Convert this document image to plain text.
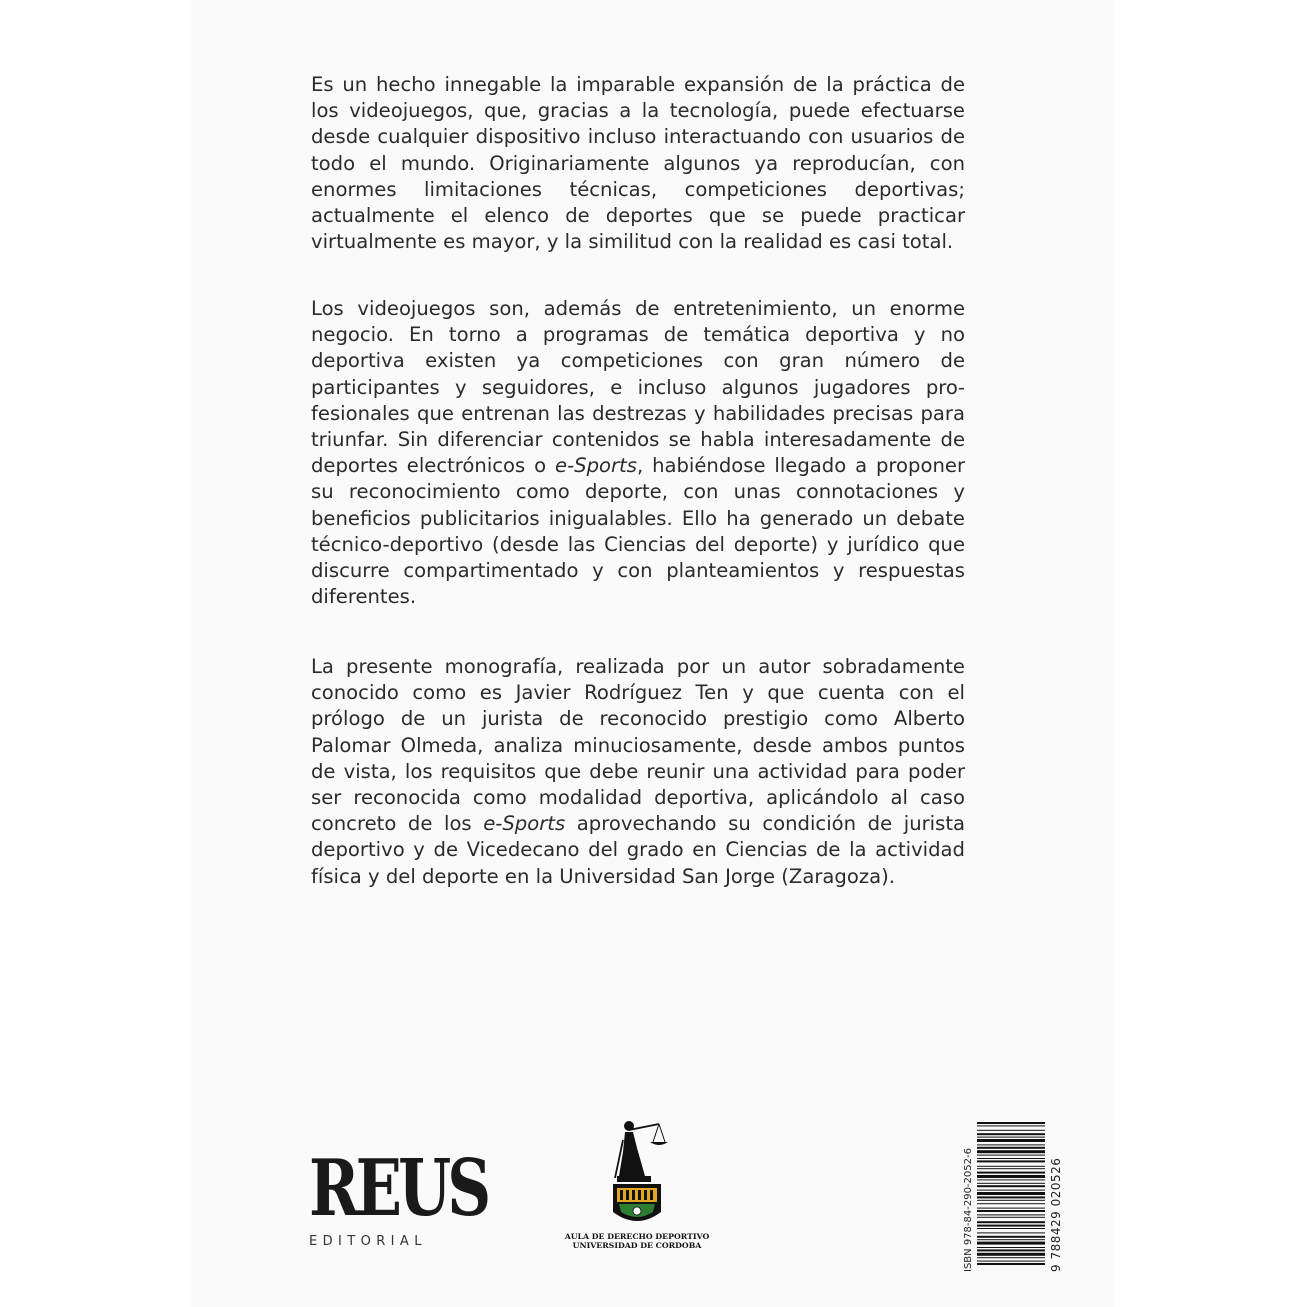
Es un hecho innegable la imparable expansión de la práctica de los videojuegos, que, gracias a la tecnología, puede efectuarse desde cualquier dispositivo incluso interactuando con usuarios de todo el mundo. Originariamente algunos ya reproducían, con enormes limitaciones técnicas, competiciones deportivas; actualmente el elenco de deportes que se puede practicar virtualmente es mayor, y la similitud con la realidad es casi total.

Los videojuegos son, además de entretenimiento, un enorme negocio. En torno a programas de temática deportiva y no deportiva existen ya competiciones con gran número de participantes y seguidores, e incluso algunos jugadores profesionales que entrenan las destrezas y habilidades precisas para triunfar. Sin diferenciar contenidos se habla interesadamente de deportes electrónicos o e-Sports, habiéndose llegado a proponer su reconocimiento como deporte, con unas connotaciones y beneficios publicitarios inigualables. Ello ha generado un debate técnico-deportivo (desde las Ciencias del deporte) y jurídico que discurre compartimentado y con planteamientos y respuestas diferentes.

La presente monografía, realizada por un autor sobradamente conocido como es Javier Rodríguez Ten y que cuenta con el prólogo de un jurista de reconocido prestigio como Alberto Palomar Olmeda, analiza minuciosamente, desde ambos puntos de vista, los requisitos que debe reunir una actividad para poder ser reconocida como modalidad deportiva, aplicándolo al caso concreto de los e-Sports aprovechando su condición de jurista deportivo y de Vicedecano del grado en Ciencias de la actividad física y del deporte en la Universidad San Jorge (Zaragoza).

REUS
EDITORIAL	AULA DE DERECHO DEPORTIVO
UNIVERSIDAD DE CORDOBA	ISBN 978-84-290-2052-6	9 788429 020526
